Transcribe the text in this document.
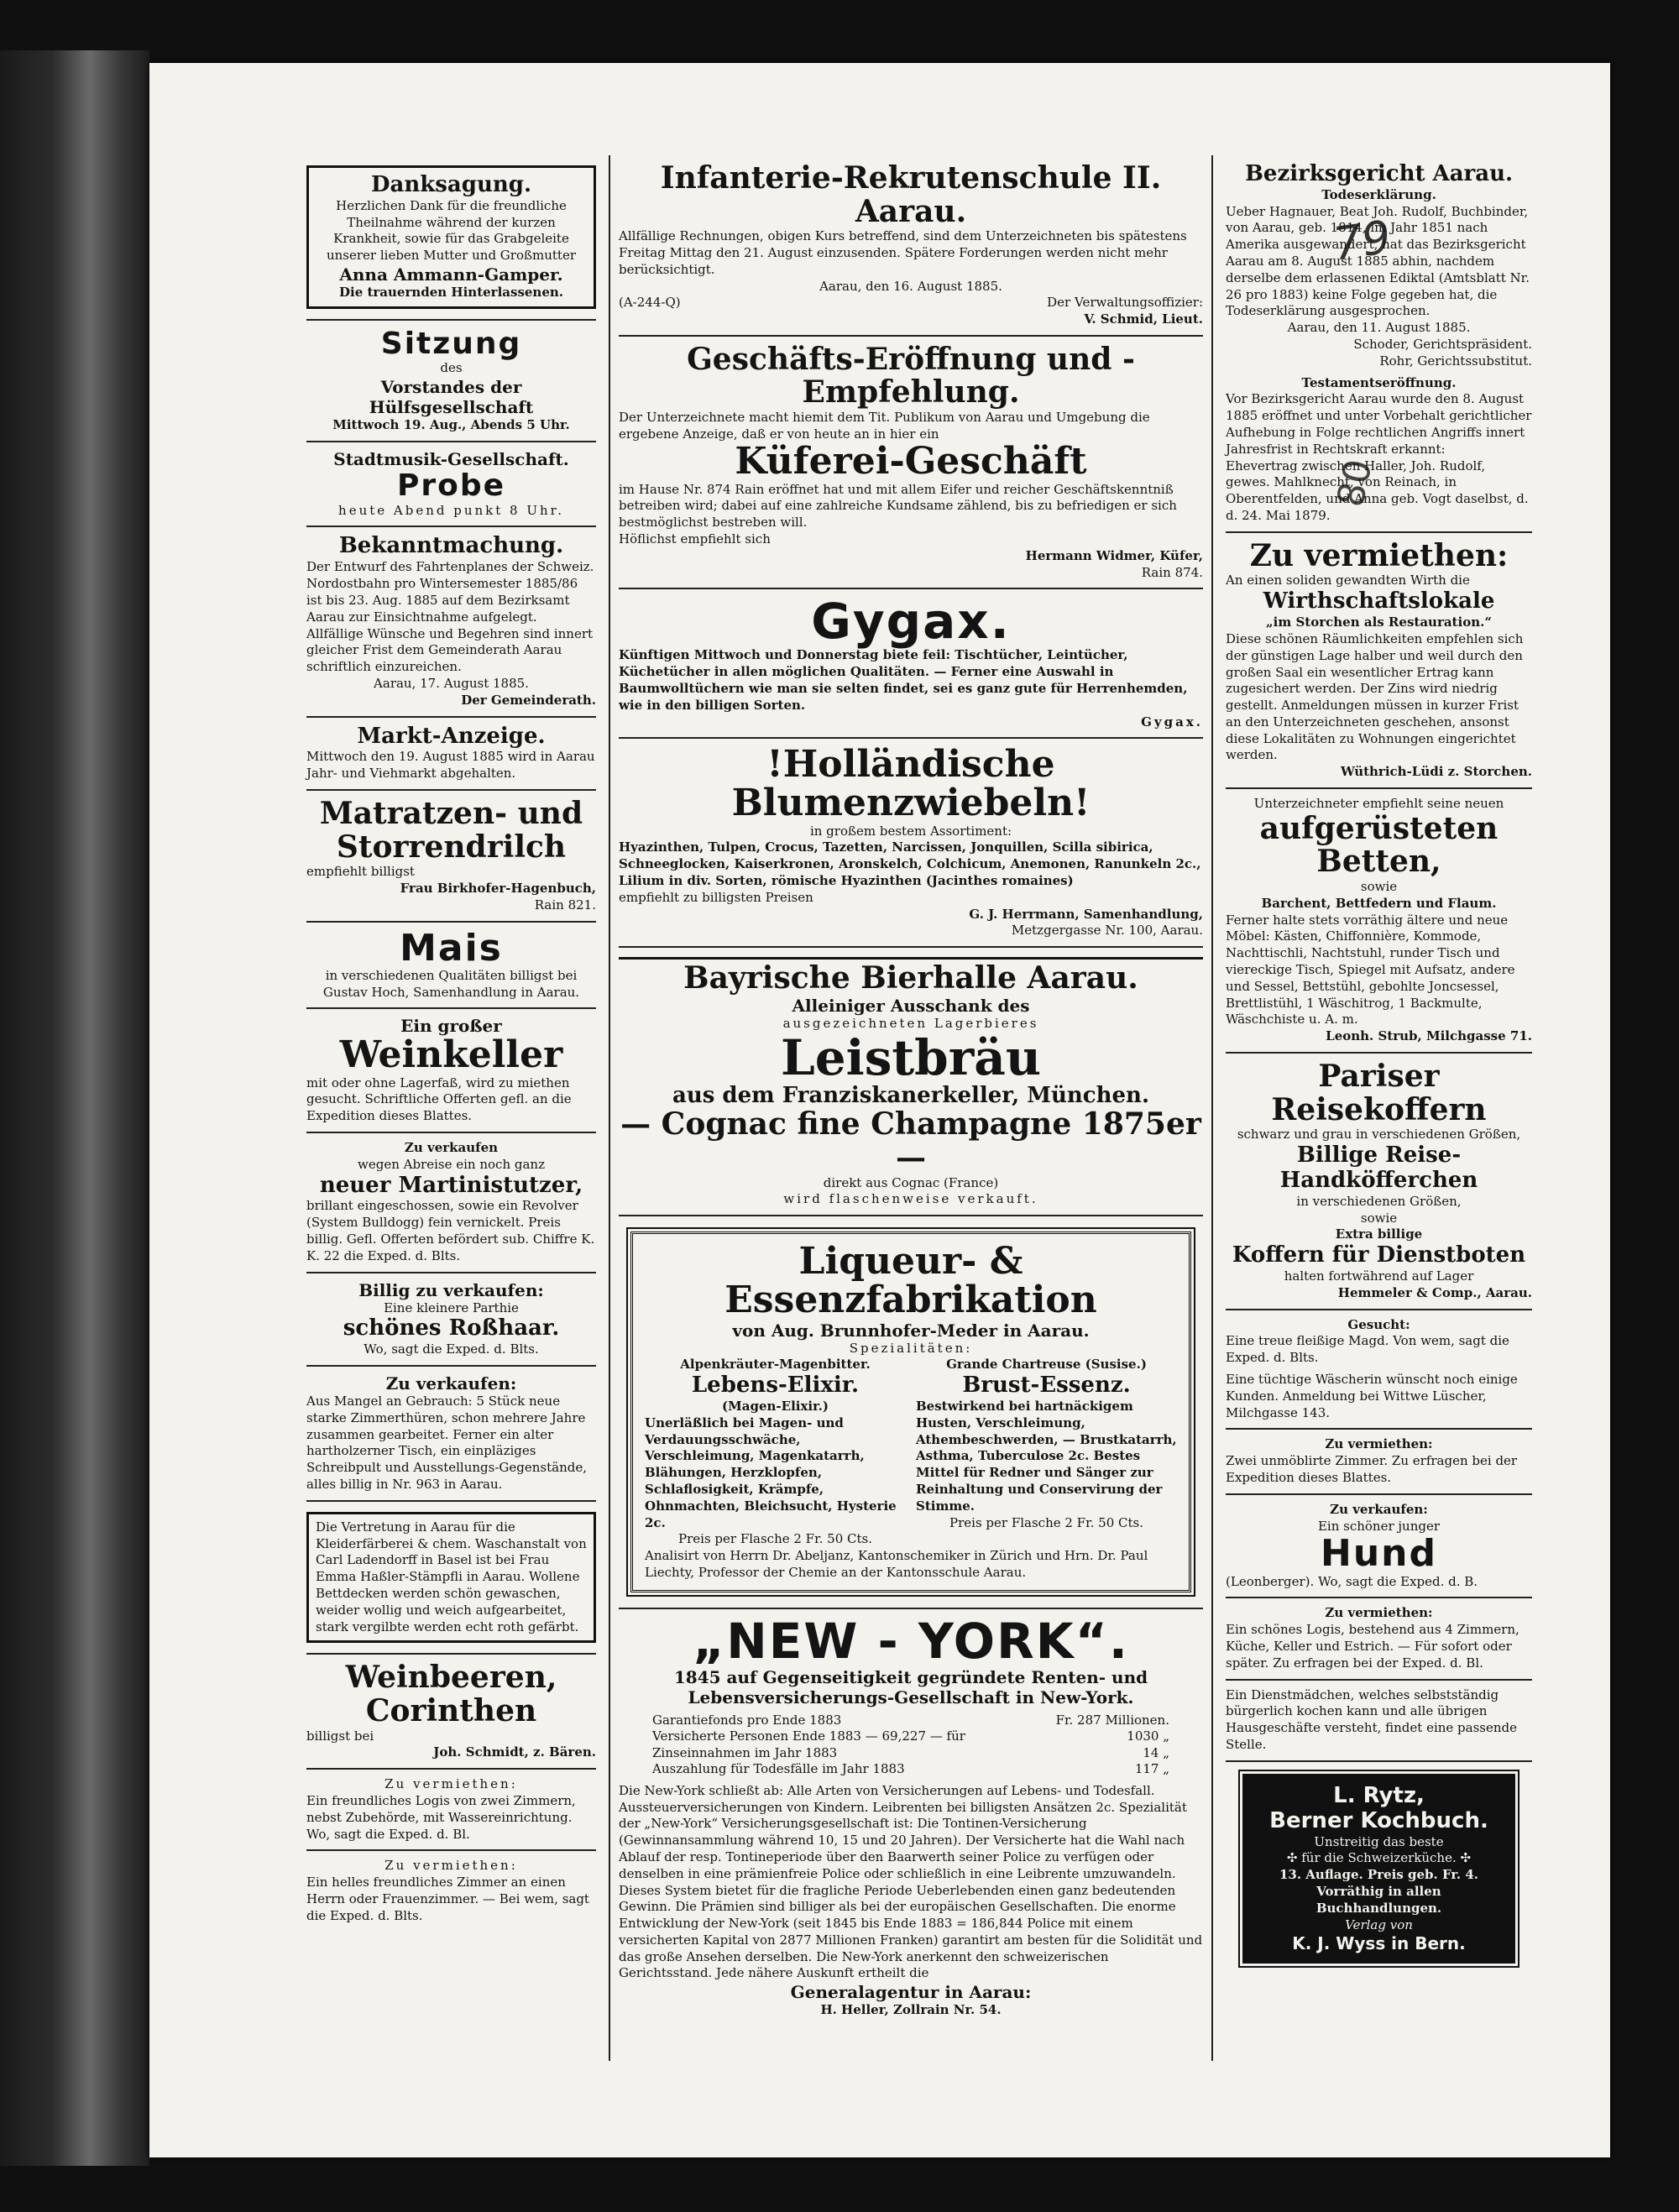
79
80
Danksagung.
Herzlichen Dank für die freundliche Theilnahme während der kurzen Krankheit, sowie für das Grabgeleite unserer lieben Mutter und Großmutter
Anna Ammann-Gamper.
Die trauernden Hinterlassenen.
Sitzung
des
Vorstandes der Hülfsgesellschaft
Mittwoch 19. Aug., Abends 5 Uhr.
Stadtmusik-Gesellschaft.
Probe
heute Abend punkt 8 Uhr.
Bekanntmachung.
Der Entwurf des Fahrtenplanes der Schweiz. Nordostbahn pro Wintersemester 1885/86 ist bis 23. Aug. 1885 auf dem Bezirksamt Aarau zur Einsichtnahme aufgelegt. Allfällige Wünsche und Begehren sind innert gleicher Frist dem Gemeinderath Aarau schriftlich einzureichen.
Aarau, 17. August 1885.
Der Gemeinderath.
Markt-Anzeige.
Mittwoch den 19. August 1885 wird in Aarau Jahr- und Viehmarkt abgehalten.
Matratzen- und Storrendrilch
empfiehlt billigst
Frau Birkhofer-Hagenbuch,
Rain 821.
Mais
in verschiedenen Qualitäten billigst bei Gustav Hoch, Samenhandlung in Aarau.
Ein großer
Weinkeller
mit oder ohne Lagerfaß, wird zu miethen gesucht. Schriftliche Offerten gefl. an die Expedition dieses Blattes.
Zu verkaufen
wegen Abreise ein noch ganz
neuer Martinistutzer,
brillant eingeschossen, sowie ein Revolver (System Bulldogg) fein vernickelt. Preis billig. Gefl. Offerten befördert sub. Chiffre K. K. 22 die Exped. d. Blts.
Billig zu verkaufen:
Eine kleinere Parthie
schönes Roßhaar.
Wo, sagt die Exped. d. Blts.
Zu verkaufen:
Aus Mangel an Gebrauch: 5 Stück neue starke Zimmerthüren, schon mehrere Jahre zusammen gearbeitet. Ferner ein alter hartholzerner Tisch, ein einpläziges Schreibpult und Ausstellungs-Gegenstände, alles billig in Nr. 963 in Aarau.
Die Vertretung in Aarau für die Kleiderfärberei & chem. Waschanstalt von Carl Ladendorff in Basel ist bei Frau Emma Haßler-Stämpfli in Aarau. Wollene Bettdecken werden schön gewaschen, weider wollig und weich aufgearbeitet, stark vergilbte werden echt roth gefärbt.
Weinbeeren, Corinthen
billigst bei
Joh. Schmidt, z. Bären.
Zu vermiethen:
Ein freundliches Logis von zwei Zimmern, nebst Zubehörde, mit Wassereinrichtung. Wo, sagt die Exped. d. Bl.
Zu vermiethen:
Ein helles freundliches Zimmer an einen Herrn oder Frauenzimmer. — Bei wem, sagt die Exped. d. Blts.
Infanterie-Rekrutenschule II. Aarau.
Allfällige Rechnungen, obigen Kurs betreffend, sind dem Unterzeichneten bis spätestens Freitag Mittag den 21. August einzusenden. Spätere Forderungen werden nicht mehr berücksichtigt.
Aarau, den 16. August 1885.
(A-244-Q)	Der Verwaltungsoffizier:
V. Schmid, Lieut.
Geschäfts-Eröffnung und -Empfehlung.
Der Unterzeichnete macht hiemit dem Tit. Publikum von Aarau und Umgebung die ergebene Anzeige, daß er von heute an in hier ein
Küferei-Geschäft
im Hause Nr. 874 Rain eröffnet hat und mit allem Eifer und reicher Geschäftskenntniß betreiben wird; dabei auf eine zahlreiche Kundsame zählend, bis zu befriedigen er sich bestmöglichst bestreben will.
Höflichst empfiehlt sich
Hermann Widmer, Küfer,
Rain 874.
Gygax.
Künftigen Mittwoch und Donnerstag biete feil: Tischtücher, Leintücher, Küchetücher in allen möglichen Qualitäten. — Ferner eine Auswahl in Baumwolltüchern wie man sie selten findet, sei es ganz gute für Herrenhemden, wie in den billigen Sorten.
Gygax.
!Holländische Blumenzwiebeln!
in großem bestem Assortiment:
Hyazinthen, Tulpen, Crocus, Tazetten, Narcissen, Jonquillen, Scilla sibirica, Schneeglocken, Kaiserkronen, Aronskelch, Colchicum, Anemonen, Ranunkeln 2c., Lilium in div. Sorten, römische Hyazinthen (Jacinthes romaines)
empfiehlt zu billigsten Preisen
G. J. Herrmann, Samenhandlung,
Metzgergasse Nr. 100, Aarau.
Bayrische Bierhalle Aarau.
Alleiniger Ausschank des
ausgezeichneten Lagerbieres
Leistbräu
aus dem Franziskanerkeller, München.
— Cognac fine Champagne 1875er —
direkt aus Cognac (France)
wird flaschenweise verkauft.
Liqueur- & Essenzfabrikation
von Aug. Brunnhofer-Meder in Aarau.
Spezialitäten:
Alpenkräuter-Magenbitter.
Lebens-Elixir.
(Magen-Elixir.)
Unerläßlich bei Magen- und Verdauungsschwäche, Verschleimung, Magenkatarrh, Blähungen, Herzklopfen, Schlaflosigkeit, Krämpfe, Ohnmachten, Bleichsucht, Hysterie 2c.
Preis per Flasche 2 Fr. 50 Cts.
Grande Chartreuse (Susise.)
Brust-Essenz.
Bestwirkend bei hartnäckigem Husten, Verschleimung, Athembeschwerden, — Brustkatarrh, Asthma, Tuberculose 2c. Bestes Mittel für Redner und Sänger zur Reinhaltung und Conservirung der Stimme.
Preis per Flasche 2 Fr. 50 Cts.
Analisirt von Herrn Dr. Abeljanz, Kantonschemiker in Zürich und Hrn. Dr. Paul Liechty, Professor der Chemie an der Kantonsschule Aarau.
„NEW - YORK“.
1845 auf Gegenseitigkeit gegründete Renten- und Lebensversicherungs-Gesellschaft in New-York.
Garantiefonds pro Ende 1883	Fr. 287 Millionen.
Versicherte Personen Ende 1883 — 69,227 — für	1030 „
Zinseinnahmen im Jahr 1883	14 „
Auszahlung für Todesfälle im Jahr 1883	117 „
Die New-York schließt ab: Alle Arten von Versicherungen auf Lebens- und Todesfall. Aussteuerversicherungen von Kindern. Leibrenten bei billigsten Ansätzen 2c. Spezialität der „New-York“ Versicherungsgesellschaft ist: Die Tontinen-Versicherung (Gewinnansammlung während 10, 15 und 20 Jahren). Der Versicherte hat die Wahl nach Ablauf der resp. Tontineperiode über den Baarwerth seiner Police zu verfügen oder denselben in eine prämienfreie Police oder schließlich in eine Leibrente umzuwandeln. Dieses System bietet für die fragliche Periode Ueberlebenden einen ganz bedeutenden Gewinn. Die Prämien sind billiger als bei der europäischen Gesellschaften. Die enorme Entwicklung der New-York (seit 1845 bis Ende 1883 = 186,844 Police mit einem versicherten Kapital von 2877 Millionen Franken) garantirt am besten für die Solidität und das große Ansehen derselben. Die New-York anerkennt den schweizerischen Gerichtsstand. Jede nähere Auskunft ertheilt die
Generalagentur in Aarau:
H. Heller, Zollrain Nr. 54.
Bezirksgericht Aarau.
Todeserklärung.
Ueber Hagnauer, Beat Joh. Rudolf, Buchbinder, von Aarau, geb. 1814, im Jahr 1851 nach Amerika ausgewandert, hat das Bezirksgericht Aarau am 8. August 1885 abhin, nachdem derselbe dem erlassenen Ediktal (Amtsblatt Nr. 26 pro 1883) keine Folge gegeben hat, die Todeserklärung ausgesprochen.
Aarau, den 11. August 1885.
Schoder, Gerichtspräsident.
Rohr, Gerichtssubstitut.
Testamentseröffnung.
Vor Bezirksgericht Aarau wurde den 8. August 1885 eröffnet und unter Vorbehalt gerichtlicher Aufhebung in Folge rechtlichen Angriffs innert Jahresfrist in Rechtskraft erkannt:
Ehevertrag zwischen Haller, Joh. Rudolf, gewes. Mahlknecht, von Reinach, in Oberentfelden, und Anna geb. Vogt daselbst, d. d. 24. Mai 1879.
Zu vermiethen:
An einen soliden gewandten Wirth die
Wirthschaftslokale
„im Storchen als Restauration.“
Diese schönen Räumlichkeiten empfehlen sich der günstigen Lage halber und weil durch den großen Saal ein wesentlicher Ertrag kann zugesichert werden. Der Zins wird niedrig gestellt. Anmeldungen müssen in kurzer Frist an den Unterzeichneten geschehen, ansonst diese Lokalitäten zu Wohnungen eingerichtet werden.
Wüthrich-Lüdi z. Storchen.
Unterzeichneter empfiehlt seine neuen
aufgerüsteten Betten,
sowie
Barchent, Bettfedern und Flaum.
Ferner halte stets vorräthig ältere und neue Möbel: Kästen, Chiffonnière, Kommode, Nachttischli, Nachtstuhl, runder Tisch und viereckige Tisch, Spiegel mit Aufsatz, andere und Sessel, Bettstühl, gebohlte Joncsessel, Brettlistühl, 1 Wäschitrog, 1 Backmulte, Wäschchiste u. A. m.
Leonh. Strub, Milchgasse 71.
Pariser Reisekoffern
schwarz und grau in verschiedenen Größen,
Billige Reise-Handköfferchen
in verschiedenen Größen,
sowie
Extra billige
Koffern für Dienstboten
halten fortwährend auf Lager
Hemmeler & Comp., Aarau.
Gesucht:
Eine treue fleißige Magd. Von wem, sagt die Exped. d. Blts.
Eine tüchtige Wäscherin wünscht noch einige Kunden. Anmeldung bei Wittwe Lüscher, Milchgasse 143.
Zu vermiethen:
Zwei unmöblirte Zimmer. Zu erfragen bei der Expedition dieses Blattes.
Zu verkaufen:
Ein schöner junger
Hund
(Leonberger). Wo, sagt die Exped. d. B.
Zu vermiethen:
Ein schönes Logis, bestehend aus 4 Zimmern, Küche, Keller und Estrich. — Für sofort oder später. Zu erfragen bei der Exped. d. Bl.
Ein Dienstmädchen, welches selbstständig bürgerlich kochen kann und alle übrigen Hausgeschäfte versteht, findet eine passende Stelle.
L. Rytz,
Berner Kochbuch.
Unstreitig das beste
✣ für die Schweizerküche. ✣
13. Auflage. Preis geb. Fr. 4.
Vorräthig in allen Buchhandlungen.
Verlag von
K. J. Wyss in Bern.
